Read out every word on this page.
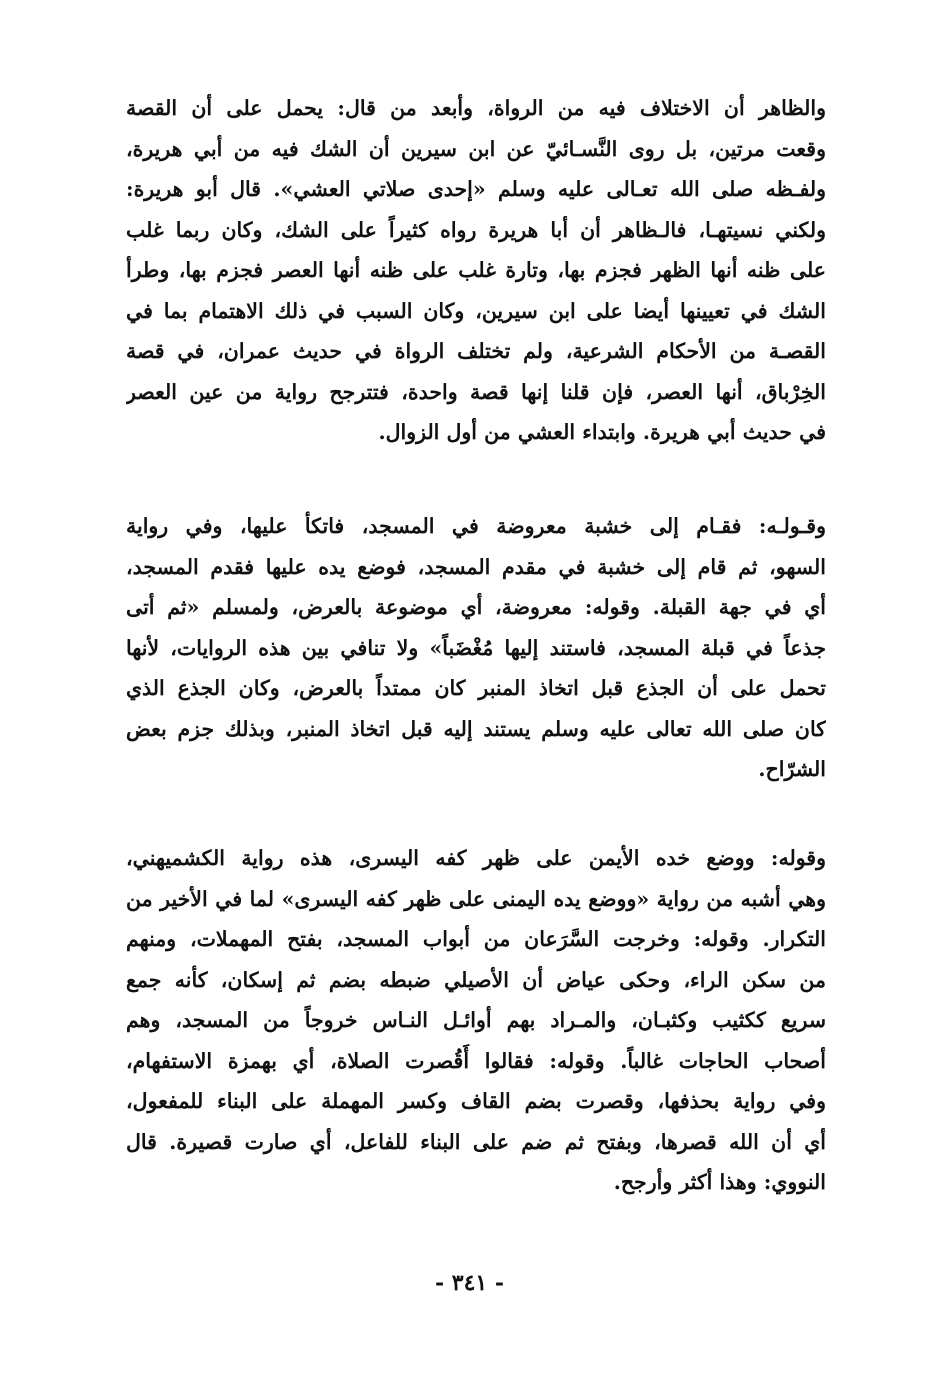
والظاهر أن الاختلاف فيه من الرواة، وأبعد من قال: يحمل على أن القصة
وقعت مرتين، بل روى النَّسـائيّ عن ابن سيرين أن الشك فيه من أبي هريرة،
ولفـظه صلى الله تعـالى عليه وسلم «إحدى صلاتي العشي». قال أبو هريرة:
ولكني نسيتهـا، فالـظاهر أن أبا هريرة رواه كثيراً على الشك، وكان ربما غلب
على ظنه أنها الظهر فجزم بها، وتارة غلب على ظنه أنها العصر فجزم بها، وطرأ
الشك في تعيينها أيضا على ابن سيرين، وكان السبب في ذلك الاهتمام بما في
القصـة من الأحكام الشرعية، ولم تختلف الرواة في حديث عمران، في قصة
الخِرْباق، أنها العصر، فإن قلنا إنها قصة واحدة، فتترجح رواية من عين العصر
في حديث أبي هريرة. وابتداء العشي من أول الزوال.
وقـولـه: فقـام إلى خشبة معروضة في المسجد، فاتكأ عليها، وفي رواية
السهو، ثم قام إلى خشبة في مقدم المسجد، فوضع يده عليها فقدم المسجد،
أي في جهة القبلة. وقوله: معروضة، أي موضوعة بالعرض، ولمسلم «ثم أتى
جذعاً في قبلة المسجد، فاستند إليها مُغْضَباً» ولا تنافي بين هذه الروايات، لأنها
تحمل على أن الجذع قبل اتخاذ المنبر كان ممتداً بالعرض، وكان الجذع الذي
كان صلى الله تعالى عليه وسلم يستند إليه قبل اتخاذ المنبر، وبذلك جزم بعض
الشرّاح.
وقوله: ووضع خده الأيمن على ظهر كفه اليسرى، هذه رواية الكشميهني،
وهي أشبه من رواية «ووضع يده اليمنى على ظهر كفه اليسرى» لما في الأخير من
التكرار. وقوله: وخرجت السَّرَعان من أبواب المسجد، بفتح المهملات، ومنهم
من سكن الراء، وحكى عياض أن الأصيلي ضبطه بضم ثم إسكان، كأنه جمع
سريع ككثيب وكثبـان، والمـراد بهم أوائـل النـاس خروجاً من المسجد، وهم
أصحاب الحاجات غالباً. وقوله: فقالوا أَقُصرت الصلاة، أي بهمزة الاستفهام،
وفي رواية بحذفها، وقصرت بضم القاف وكسر المهملة على البناء للمفعول،
أي أن الله قصرها، وبفتح ثم ضم على البناء للفاعل، أي صارت قصيرة. قال
النووي: وهذا أكثر وأرجح.
- ٣٤١ -
